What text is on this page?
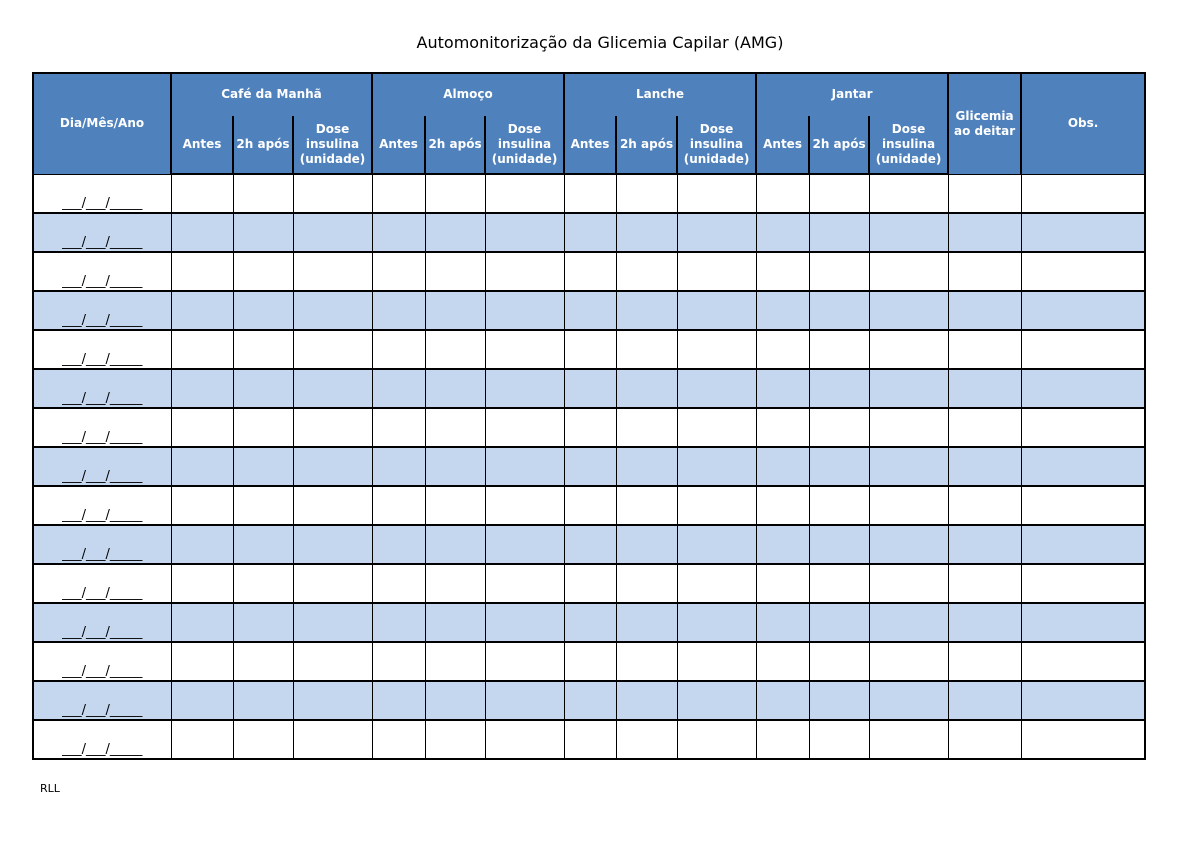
Automonitorização da Glicemia Capilar (AMG)
Dia/Mês/Ano	Café da Manhã			Almoço			Lanche			Jantar			Glicemia ao deitar	Obs.
	Antes	2h após	Dose insulina (unidade)	Antes	2h após	Dose insulina (unidade)	Antes	2h após	Dose insulina (unidade)	Antes	2h após	Dose insulina (unidade)		
___/___/_____														
___/___/_____														
___/___/_____														
___/___/_____														
___/___/_____														
___/___/_____														
___/___/_____														
___/___/_____														
___/___/_____														
___/___/_____														
___/___/_____														
___/___/_____														
___/___/_____														
___/___/_____														
___/___/_____														
RLL
